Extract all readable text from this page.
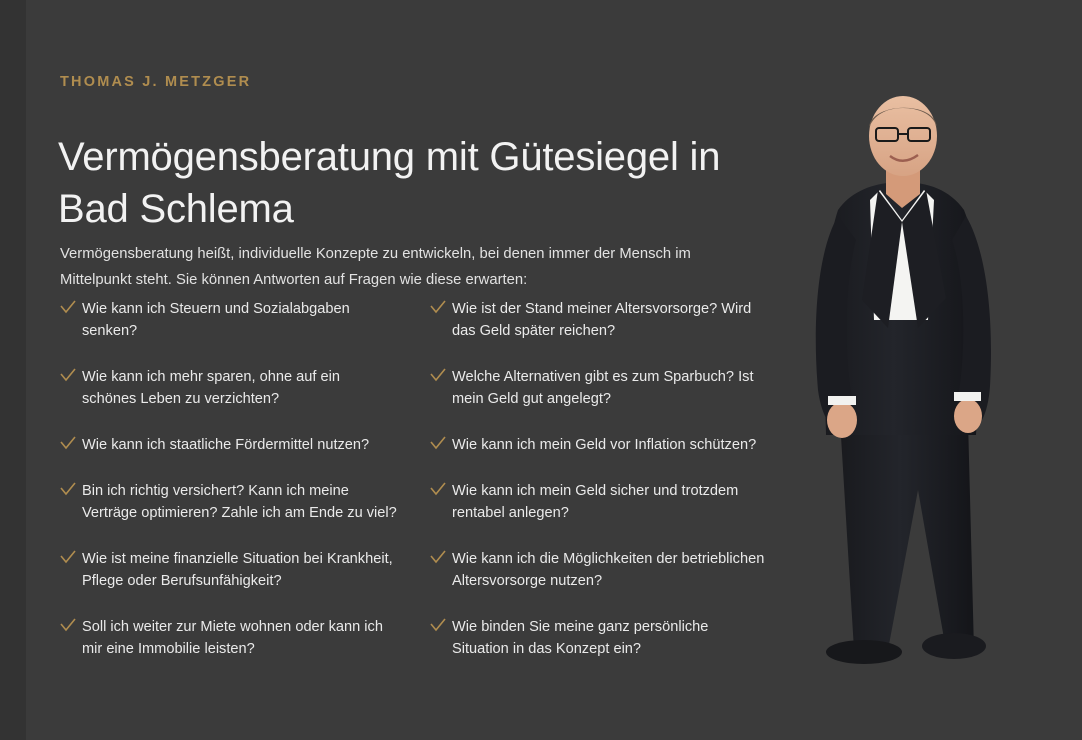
THOMAS J. METZGER
Vermögensberatung mit Gütesiegel in Bad Schlema

Vermögensberatung heißt, individuelle Konzepte zu entwickeln, bei denen immer der Mensch im Mittelpunkt steht. Sie können Antworten auf Fragen wie diese erwarten:

Wie kann ich Steuern und Sozialabgaben senken?
Wie kann ich mehr sparen, ohne auf ein schönes Leben zu verzichten?
Wie kann ich staatliche Fördermittel nutzen?
Bin ich richtig versichert? Kann ich meine Verträge optimieren? Zahle ich am Ende zu viel?
Wie ist meine finanzielle Situation bei Krankheit, Pflege oder Berufsunfähigkeit?
Soll ich weiter zur Miete wohnen oder kann ich mir eine Immobilie leisten?
Wie ist der Stand meiner Altersvorsorge? Wird das Geld später reichen?
Welche Alternativen gibt es zum Sparbuch? Ist mein Geld gut angelegt?
Wie kann ich mein Geld vor Inflation schützen?
Wie kann ich mein Geld sicher und trotzdem rentabel anlegen?
Wie kann ich die Möglichkeiten der betrieblichen Altersvorsorge nutzen?
Wie binden Sie meine ganz persönliche Situation in das Konzept ein?
